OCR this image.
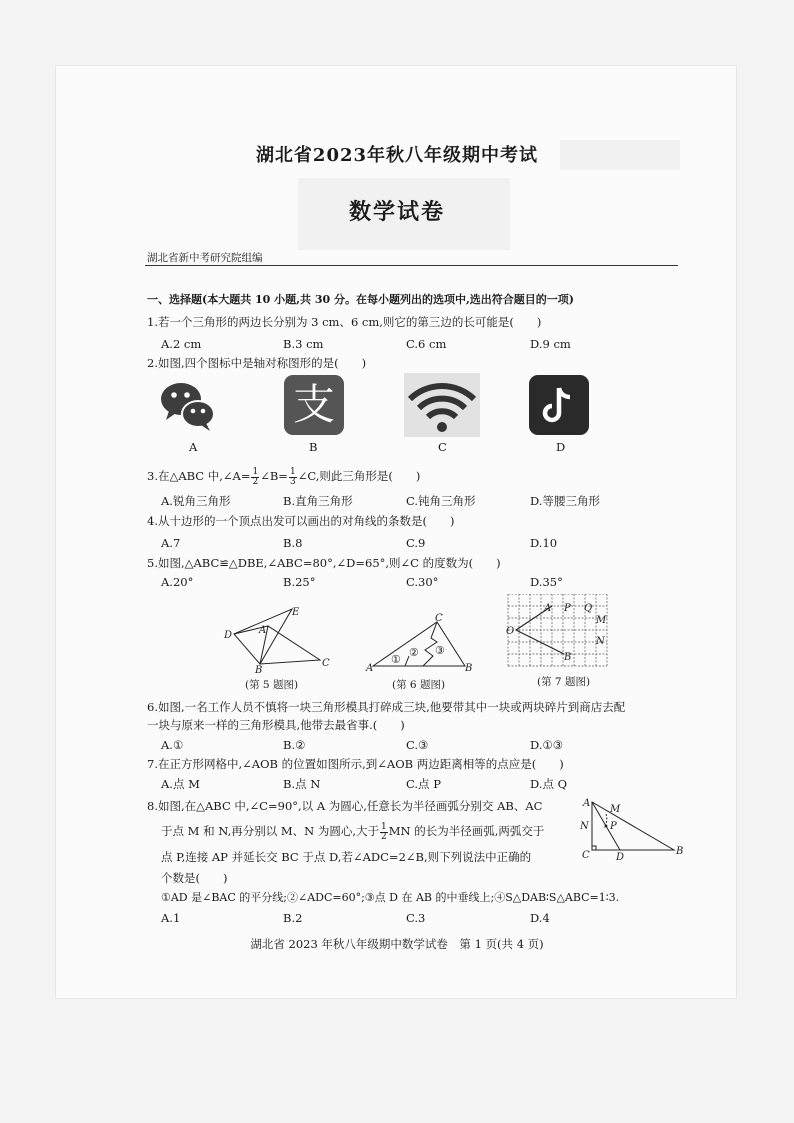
湖北省2023年秋八年级期中考试
数学试卷
湖北省新中考研究院组编
一、选择题(本大题共 10 小题,共 30 分。在每小题列出的选项中,选出符合题目的一项)
1.若一个三角形的两边长分别为 3 cm、6 cm,则它的第三边的长可能是(　　)
A.2 cm	B.3 cm	C.6 cm	D.9 cm
2.如图,四个图标中是轴对称图形的是(　　)
A
支
B	C	D
3.在△ABC 中,∠A= $\frac{1}{2}$ ∠B= $\frac{1}{3}$ ∠C,则此三角形是(　　)
A.锐角三角形	B.直角三角形	C.钝角三角形	D.等腰三角形
4.从十边形的一个顶点出发可以画出的对角线的条数是(　　)
A.7	B.8	C.9	D.10
5.如图,△ABC≌△DBE,∠ABC=80°,∠D=65°,则∠C 的度数为(　　)
A.20°	B.25°	C.30°	D.35°
D	A
E
B
C
(第 5 题图)
C
A	B
①
② ③
(第 6 题图)
A P Q
M
N
O
B
(第 7 题图)
6.如图,一名工作人员不慎将一块三角形模具打碎成三块,他要带其中一块或两块碎片到商店去配
一块与原来一样的三角形模具,他带去最省事.(　　)
A.①	B.②	C.③	D.①③
7.在正方形网格中,∠AOB 的位置如图所示,到∠AOB 两边距离相等的点应是(　　)
A.点 M	B.点 N	C.点 P	D.点 Q
8.如图,在△ABC 中,∠C=90°,以 A 为圆心,任意长为半径画弧分别交 AB、AC
于点 M 和 N,再分别以 M、N 为圆心,大于 $\frac{1}{2}$ MN 的长为半径画弧,两弧交于
点 P,连接 AP 并延长交 BC 于点 D,若∠ADC=2∠B,则下列说法中正确的
个数是(　　)
①AD 是∠BAC 的平分线;②∠ADC=60°;③点 D 在 AB 的中垂线上;④S△DAB∶S△ABC=1∶3.
A.1	B.2	C.3	D.4
A
M
N P
C	D
B
湖北省 2023 年秋八年级期中数学试卷　第 1 页(共 4 页)
